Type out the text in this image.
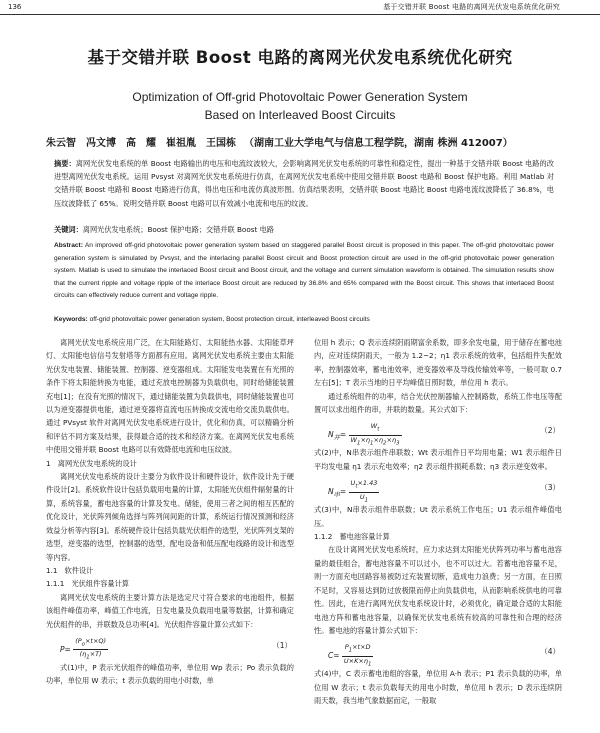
136	基于交错并联 Boost 电路的离网光伏发电系统优化研究
基于交错并联 Boost 电路的离网光伏发电系统优化研究
Optimization of Off-grid Photovoltaic Power Generation System
Based on Interleaved Boost Circuits
朱云智　冯文博　高　耀　崔祖胤　王国栋 （湖南工业大学电气与信息工程学院，湖南 株洲 412007）
摘要：离网光伏发电系统的单 Boost 电路输出的电压和电流纹波较大，会影响离网光伏发电系统的可靠性和稳定性，提出一种基于交错并联 Boost 电路的改进型离网光伏发电系统。运用 Pvsyst 对离网光伏发电系统进行仿真，在离网光伏发电系统中使用交错并联 Boost 电路和 Boost 保护电路。利用 Matlab 对交错并联 Boost 电路和 Boost 电路进行仿真，得出电压和电流仿真波形图。仿真结果表明，交错并联 Boost 电路比 Boost 电路电流纹波降低了 36.8%，电压纹波降低了 65%。说明交错并联 Boost 电路可以有效减小电流和电压的纹波。
关键词：离网光伏发电系统；Boost 保护电路；交错并联 Boost 电路
Abstract: An improved off-grid photovoltaic power generation system based on staggered parallel Boost circuit is proposed in this paper. The off-grid photovoltaic power generation system is simulated by Pvsyst, and the interlacing parallel Boost circuit and Boost protection circuit are used in the off-grid photovoltaic power generation system. Matlab is used to simulate the interlaced Boost circuit and Boost circuit, and the voltage and current simulation waveform is obtained. The simulation results show that the current ripple and voltage ripple of the interlace Boost circuit are reduced by 36.8% and 65% compared with the Boost circuit. This shows that interlaced Boost circuits can effectively reduce current and voltage ripple.
Keywords: off-grid photovoltaic power generation system, Boost protection circuit, interleaved Boost circuits

离网光伏发电系统应用广泛，在太阳能路灯、太阳能热水器、太阳能草坪灯、太阳能电信信号发射塔等方面都有应用。离网光伏发电系统主要由太阳能光伏发电装置、储能装置、控制器、逆变器组成。太阳能发电装置在有光照的条件下将太阳能转换为电能，通过充放电控制器为负载供电，同时给储能装置充电[1]；在没有光照的情况下，通过储能装置为负载供电，同时储能装置也可以为逆变器提供电能，通过逆变器将直流电压转换成交流电给交流负载供电。通过 PVsyst 软件对离网光伏发电系统进行设计，优化和仿真，可以精确分析和评估不同方案及结果，获得最合适的技术和经济方案。在离网光伏发电系统中使用交错并联 Boost 电路可以有效降低电流和电压纹波。

1　离网光伏发电系统的设计

离网光伏发电系统的设计主要分为软件设计和硬件设计，软件设计先于硬件设计[2]。系统软件设计包括负载用电量的计算，太阳能光伏组件辐射量的计算，系统容量，蓄电池容量的计算及发电、储能，使用三者之间的相互匹配的优化设计，光伏阵列倾角选择与阵列间间距的计算，系统运行情况预测和经济效益分析等内容[3]。系统硬件设计包括负载光伏组件的选型，光伏阵列支架的选型，逆变器的选型，控制器的选型，配电设备和低压配电线路的设计和选型等内容。

1.1　软件设计

1.1.1　光伏组件容量计算

离网光伏发电系统的主要计算方法是选定尺寸符合要求的电池组件，根据该组件峰值功率，峰值工作电流，日发电量及负载用电量等数据，计算和确定光伏组件的串，并联数及总功率[4]。光伏组件容量计算公式如下：

$P= \frac{(P_o\times t\times Q)}{(\eta_1\times T)}$	（1）

式(1)中，P 表示光伏组件的峰值功率，单位用 Wp 表示；Po 表示负载的功率，单位用 W 表示；t 表示负载的用电小时数，单

位用 h 表示；Q 表示连续阴雨期富余系数，即多余发电量，用于储存在蓄电池内，应对连续阴雨天，一般为 1.2~2；η1 表示系统的效率，包括组件失配效率，控制器效率，蓄电池效率，逆变器效率及导线传输效率等，一般可取 0.7 左右[5]；T 表示当地的日平均峰值日照时数，单位用 h 表示。

通过系统组件的功率，结合光伏控制器输入控制路数，系统工作电压等配置可以求出组件的串，并联的数量。其公式如下：

$N_并= \frac{W_t}{W_1\times\eta_1\times\eta_2\times\eta_3}$	（2）

式(2)中，N串表示组件串联数；Wt 表示组件日平均用电量；W1 表示组件日平均发电量 η1 表示充电效率；η2 表示组件损耗系数；η3 表示逆变效率。

$N_串= \frac{U_t\times 1.43}{U_1}$	（3）

式(3)中，N串表示组件串联数；Ut 表示系统工作电压；U1 表示组件峰值电压。

1.1.2　蓄电池容量计算

在设计离网光伏发电系统时，应力求达到太阳能光伏阵列功率与蓄电池容量的最佳组合，蓄电池容量不可以过小，也不可以过大。若蓄电池容量不足，则一方面充电回路容易被防过充装置切断，造成电力浪费；另一方面，在日照不足时，又容易达到防过放极限而停止向负载供电，从而影响系统供电的可靠性。因此，在进行离网光伏发电系统设计时，必须优化，确定最合适的太阳能电池方阵和蓄电池容量，以确保光伏发电系统有较高的可靠性和合理的经济性。蓄电池的容量计算公式如下：

$C= \frac{P_1\times t\times D}{U\times K\times\eta_1}$	（4）

式(4)中，C 表示蓄电池组的容量，单位用 A·h 表示；P1 表示负载的功率，单位用 W 表示；t 表示负载每天的用电小时数，单位用 h 表示；D 表示连续阴雨天数，我当地气象数据而定，一般取
